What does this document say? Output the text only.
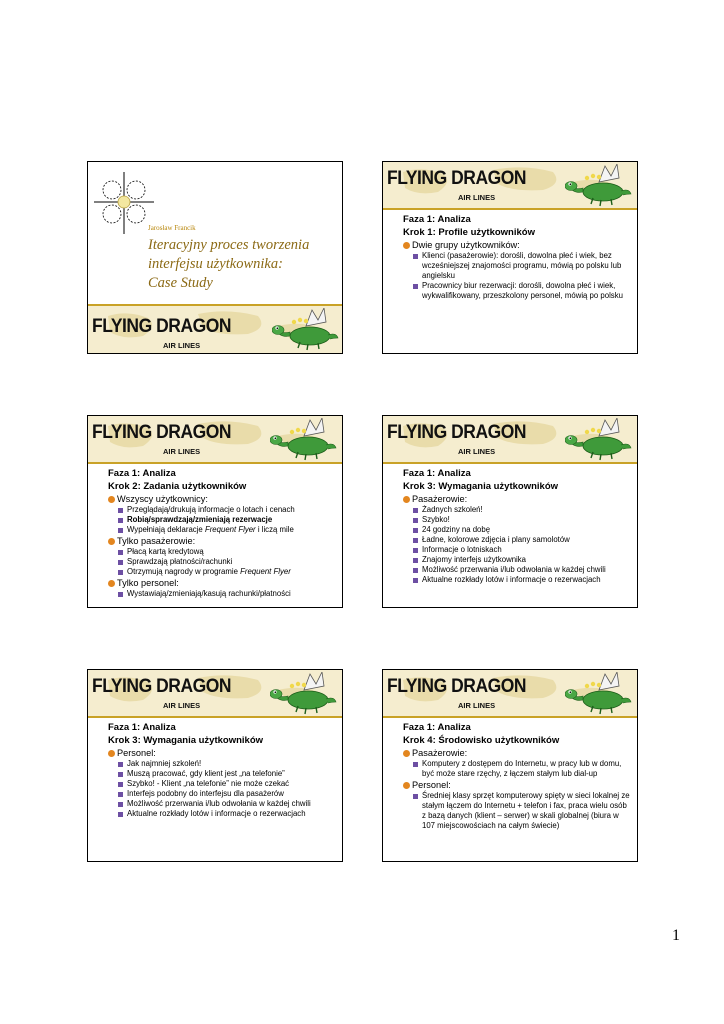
Jarosław Francik
Iteracyjny proces tworzenia
interfejsu użytkownika:
Case Study
FLYING DRAGON
AIR LINES
FLYING DRAGON
AIR LINES
Faza 1: Analiza
Krok 1: Profile użytkowników
Dwie grupy użytkowników:
Klienci (pasażerowie): dorośli, dowolna płeć i wiek, bez wcześniejszej znajomości programu, mówią po polsku lub angielsku
Pracownicy biur rezerwacji: dorośli, dowolna płeć i wiek, wykwalifikowany, przeszkolony personel, mówią po polsku
FLYING DRAGON
AIR LINES
Faza 1: Analiza
Krok 2: Zadania użytkowników
Wszyscy użytkownicy:
Przeglądają/drukują informacje o lotach i cenach
Robią/sprawdzają/zmieniają rezerwacje
Wypełniają deklaracje Frequent Flyer i liczą mile
Tylko pasażerowie:
Płacą kartą kredytową
Sprawdzają płatności/rachunki
Otrzymują nagrody w programie Frequent Flyer
Tylko personel:
Wystawiają/zmieniają/kasują rachunki/płatności
FLYING DRAGON
AIR LINES
Faza 1: Analiza
Krok 3: Wymagania użytkowników
Pasażerowie:
Żadnych szkoleń!
Szybko!
24 godziny na dobę
Ładne, kolorowe zdjęcia i plany samolotów
Informacje o lotniskach
Znajomy interfejs użytkownika
Możliwość przerwania i/lub odwołania w każdej chwili
Aktualne rozkłady lotów i informacje o rezerwacjach
FLYING DRAGON
AIR LINES
Faza 1: Analiza
Krok 3: Wymagania użytkowników
Personel:
Jak najmniej szkoleń!
Muszą pracować, gdy klient jest „na telefonie”
Szybko! - Klient „na telefonie” nie może czekać
Interfejs podobny do interfejsu dla pasażerów
Możliwość przerwania i/lub odwołania w każdej chwili
Aktualne rozkłady lotów i informacje o rezerwacjach
FLYING DRAGON
AIR LINES
Faza 1: Analiza
Krok 4: Środowisko użytkowników
Pasażerowie:
Komputery z dostępem do Internetu, w pracy lub w domu, być może stare rzęchy, z łączem stałym lub dial-up
Personel:
Średniej klasy sprzęt komputerowy spięty w sieci lokalnej ze stałym łączem do Internetu + telefon i fax, praca wielu osób z bazą danych (klient – serwer) w skali globalnej (biura w 107 miejscowościach na całym świecie)
1
